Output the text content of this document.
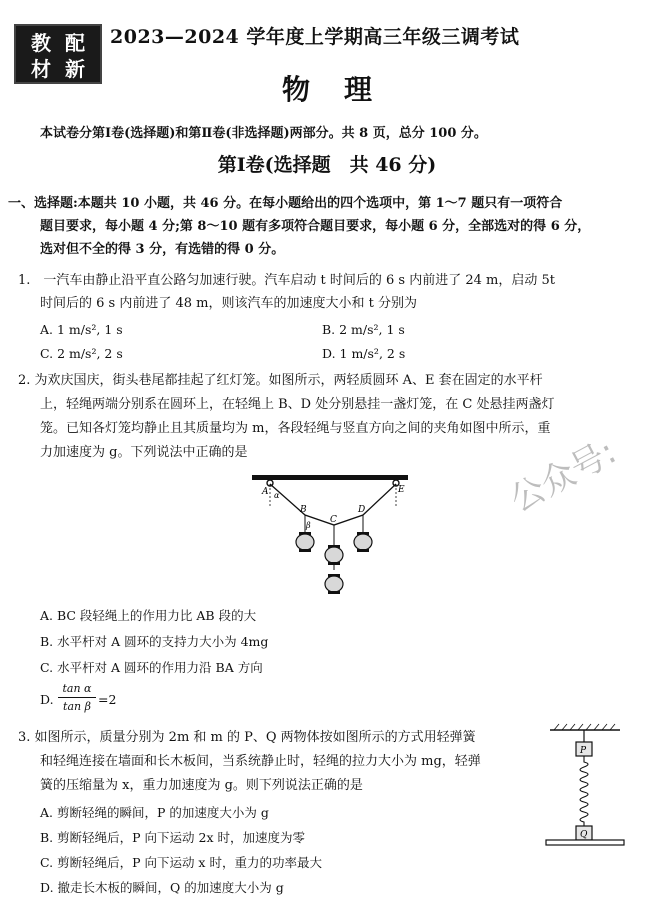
教 配
材 新
2023—2024 学年度上学期高三年级三调考试
物理
本试卷分第Ⅰ卷(选择题)和第Ⅱ卷(非选择题)两部分。共 8 页，总分 100 分。
第Ⅰ卷(选择题　共 46 分)
一、选择题:本题共 10 小题，共 46 分。在每小题给出的四个选项中，第 1～7 题只有一项符合
题目要求，每小题 4 分;第 8～10 题有多项符合题目要求，每小题 6 分，全部选对的得 6 分，
选对但不全的得 3 分，有选错的得 0 分。
1.　一汽车由静止沿平直公路匀加速行驶。汽车启动 t 时间后的 6 s 内前进了 24 m，启动 5t
时间后的 6 s 内前进了 48 m，则该汽车的加速度大小和 t 分别为
A. 1 m/s², 1 s	B. 2 m/s², 1 s
C. 2 m/s², 2 s	D. 1 m/s², 2 s
2. 为欢庆国庆，街头巷尾都挂起了红灯笼。如图所示，两轻质圆环 A、E 套在固定的水平杆
上，轻绳两端分别系在圆环上，在轻绳上 B、D 处分别悬挂一盏灯笼，在 C 处悬挂两盏灯
笼。已知各灯笼均静止且其质量均为 m，各段轻绳与竖直方向之间的夹角如图中所示，重
力加速度为 g。下列说法中正确的是
A
B
C
D
E
α
β
公众号:
A. BC 段轻绳上的作用力比 AB 段的大
B. 水平杆对 A 圆环的支持力大小为 4mg
C. 水平杆对 A 圆环的作用力沿 BA 方向
D.
tan α
tan β =2
3. 如图所示，质量分别为 2m 和 m 的 P、Q 两物体按如图所示的方式用轻弹簧
和轻绳连接在墙面和长木板间，当系统静止时，轻绳的拉力大小为 mg，轻弹
簧的压缩量为 x，重力加速度为 g。则下列说法正确的是
A. 剪断轻绳的瞬间，P 的加速度大小为 g
B. 剪断轻绳后，P 向下运动 2x 时，加速度为零
C. 剪断轻绳后，P 向下运动 x 时，重力的功率最大
D. 撤走长木板的瞬间，Q 的加速度大小为 g
P
Q
